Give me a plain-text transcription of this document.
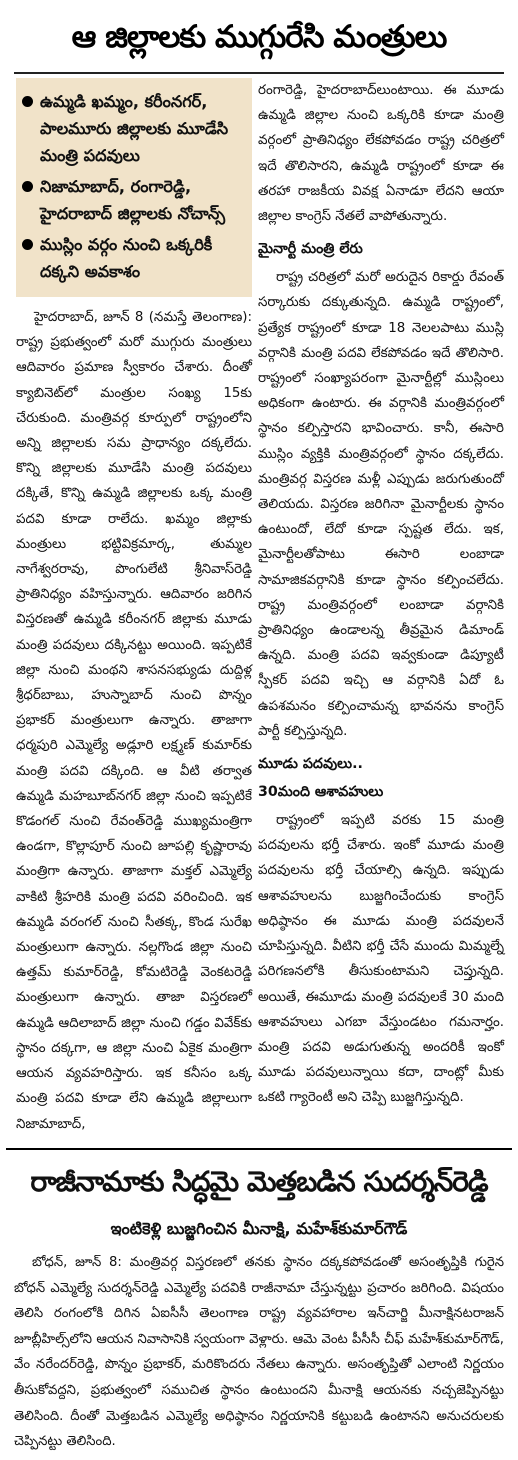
ఆ జిల్లాలకు ముగ్గురేసి మంత్రులు
ఉమ్మడి ఖమ్మం, కరీంనగర్, పాలమూరు జిల్లాలకు మూడేసి మంత్రి పదవులు
నిజామాబాద్, రంగారెడ్డి, హైదరాబాద్ జిల్లాలకు నోచాన్స్
ముస్లిం వర్గం నుంచి ఒక్కరికీ దక్కని అవకాశం

హైదరాబాద్, జూన్ 8 (నమస్తే తెలంగాణ): రాష్ట్ర ప్రభుత్వంలో మరో ముగ్గురు మంత్రులు ఆదివారం ప్రమాణ స్వీకారం చేశారు. దీంతో క్యాబినెట్‌లో మంత్రుల సంఖ్య 15కు చేరుకుంది. మంత్రివర్గ కూర్పులో రాష్ట్రంలోని అన్ని జిల్లాలకు సమ ప్రాధాన్యం దక్కలేదు. కొన్ని జిల్లాలకు మూడేసి మంత్రి పదవులు దక్కితే, కొన్ని ఉమ్మడి జిల్లాలకు ఒక్క మంత్రి పదవి కూడా రాలేదు. ఖమ్మం జిల్లాకు మంత్రులు భట్టివిక్రమార్క, తుమ్మల నాగేశ్వరరావు, పొంగులేటి శ్రీనివాస్‌రెడ్డి ప్రాతినిధ్యం వహిస్తున్నారు. ఆదివారం జరిగిన విస్తరణతో ఉమ్మడి కరీంనగర్ జిల్లాకు మూడు మంత్రి పదవులు దక్కినట్టు అయింది. ఇప్పటికే జిల్లా నుంచి మంథని శాసనసభ్యుడు దుద్దిళ్ల శ్రీధర్‌బాబు, హుస్నాబాద్ నుంచి పొన్నం ప్రభాకర్ మంత్రులుగా ఉన్నారు. తాజాగా ధర్మపురి ఎమ్మెల్యే అడ్లూరి లక్ష్మణ్ కుమార్‌కు మంత్రి పదవి దక్కింది. ఆ వీటి తర్వాత ఉమ్మడి మహబూబ్‌నగర్ జిల్లా నుంచి ఇప్పటికే కొడంగల్ నుంచి రేవంత్‌రెడ్డి ముఖ్యమంత్రిగా ఉండగా, కొల్లాపూర్ నుంచి జూపల్లి కృష్ణారావు మంత్రిగా ఉన్నారు. తాజాగా మక్తల్ ఎమ్మెల్యే వాకిటి శ్రీహరికి మంత్రి పదవి వరించింది. ఇక ఉమ్మడి వరంగల్ నుంచి సీతక్క, కొండ సురేఖ మంత్రులుగా ఉన్నారు. నల్లగొండ జిల్లా నుంచి ఉత్తమ్ కుమార్‌రెడ్డి, కోమటిరెడ్డి వెంకటరెడ్డి మంత్రులుగా ఉన్నారు. తాజా విస్తరణలో ఉమ్మడి ఆదిలాబాద్ జిల్లా నుంచి గడ్డం వివేక్‌కు స్థానం దక్కగా, ఆ జిల్లా నుంచి ఏకైక మంత్రిగా ఆయన వ్యవహరిస్తారు. ఇక కనీసం ఒక్క మంత్రి పదవి కూడా లేని ఉమ్మడి జిల్లాలుగా నిజామాబాద్,

రంగారెడ్డి, హైదరాబాద్‌లుంటాయి. ఈ మూడు ఉమ్మడి జిల్లాల నుంచి ఒక్కరికి కూడా మంత్రి వర్గంలో ప్రాతినిధ్యం లేకపోవడం రాష్ట్ర చరిత్రలో ఇదే తొలిసారని, ఉమ్మడి రాష్ట్రంలో కూడా ఈ తరహా రాజకీయ వివక్ష ఏనాడూ లేదని ఆయా జిల్లాల కాంగ్రెస్ నేతలే వాపోతున్నారు.

మైనార్టీ మంత్రి లేరు

రాష్ట్ర చరిత్రలో మరో అరుదైన రికార్డు రేవంత్ సర్కారుకు దక్కుతున్నది. ఉమ్మడి రాష్ట్రంలో, ప్రత్యేక రాష్ట్రంలో కూడా 18 నెలలపాటు ముస్లి వర్గానికి మంత్రి పదవి లేకపోవడం ఇదే తొలిసారి. రాష్ట్రంలో సంఖ్యాపరంగా మైనార్టీల్లో ముస్లింలు అధికంగా ఉంటారు. ఈ వర్గానికి మంత్రివర్గంలో స్థానం కల్పిస్తారని భావించారు. కానీ, ఈసారి ముస్లిం వ్యక్తికి మంత్రివర్గంలో స్థానం దక్కలేదు. మంత్రివర్గ విస్తరణ మళ్లీ ఎప్పుడు జరుగుతుందో తెలియదు. విస్తరణ జరిగినా మైనార్టీలకు స్థానం ఉంటుందో, లేదో కూడా స్పష్టత లేదు. ఇక, మైనార్టీలతోపాటు ఈసారి లంబాడా సామాజికవర్గానికి కూడా స్థానం కల్పించలేదు. రాష్ట్ర మంత్రివర్గంలో లంబాడా వర్గానికి ప్రాతినిధ్యం ఉండాలన్న తీవ్రమైన డిమాండ్ ఉన్నది. మంత్రి పదవి ఇవ్వకుండా డిప్యూటీ స్పీకర్ పదవి ఇచ్చి ఆ వర్గానికి ఏదో ఓ ఉపశమనం కల్పించామన్న భావనను కాంగ్రెస్ పార్టీ కల్పిస్తున్నది.

మూడు పదవులు..
30మంది ఆశావహులు

రాష్ట్రంలో ఇప్పటి వరకు 15 మంత్రి పదవులను భర్తీ చేశారు. ఇంకో మూడు మంత్రి పదవులను భర్తీ చేయాల్సి ఉన్నది. ఇప్పుడు ఆశావహులను బుజ్జగించేందుకు కాంగ్రెస్ అధిష్ఠానం ఈ మూడు మంత్రి పదవులనే చూపిస్తున్నది. వీటిని భర్తీ చేసే ముందు మిమ్మల్నే పరిగణనలోకి తీసుకుంటామని చెప్తున్నది. అయితే, ఈమూడు మంత్రి పదవులకే 30 మంది ఆశావహులు ఎగబా వేస్తుండటం గమనార్హం. మంత్రి పదవి అడుగుతున్న అందరికీ ఇంకో మూడు పదవులున్నాయి కదా, దాంట్లో మీకు ఒకటి గ్యారెంటీ అని చెప్పి బుజ్జగిస్తున్నది.

రాజీనామాకు సిద్ధమై మెత్తబడిన సుదర్శన్‌రెడ్డి
ఇంటికెళ్లి బుజ్జగించిన మీనాక్షి, మహేశ్‌కుమార్‌గౌడ్

బోధన్, జూన్ 8: మంత్రివర్గ విస్తరణలో తనకు స్థానం దక్కకపోవడంతో అసంతృప్తికి గురైన బోధన్ ఎమ్మెల్యే సుదర్శన్‌రెడ్డి ఎమ్మెల్యే పదవికి రాజీనామా చేస్తున్నట్టు ప్రచారం జరిగింది. విషయం తెలిసి రంగంలోకి దిగిన ఏఐసీసీ తెలంగాణ రాష్ట్ర వ్యవహారాల ఇన్‌చార్జి మీనాక్షినటరాజన్ జూబ్లీహిల్స్‌లోని ఆయన నివాసానికి స్వయంగా వెళ్లారు. ఆమె వెంట పీసీసీ చీఫ్ మహేశ్‌కుమార్‌గౌడ్, వేం నరేందర్‌రెడ్డి, పొన్నం ప్రభాకర్, మరికొందరు నేతలు ఉన్నారు. అసంతృప్తితో ఎలాంటి నిర్ణయం తీసుకోవద్దని, ప్రభుత్వంలో సముచిత స్థానం ఉంటుందని మీనాక్షి ఆయనకు నచ్చజెప్పినట్టు తెలిసింది. దీంతో మెత్తబడిన ఎమ్మెల్యే అధిష్ఠానం నిర్ణయానికి కట్టుబడి ఉంటానని అనుచరులకు చెప్పినట్టు తెలిసింది.
